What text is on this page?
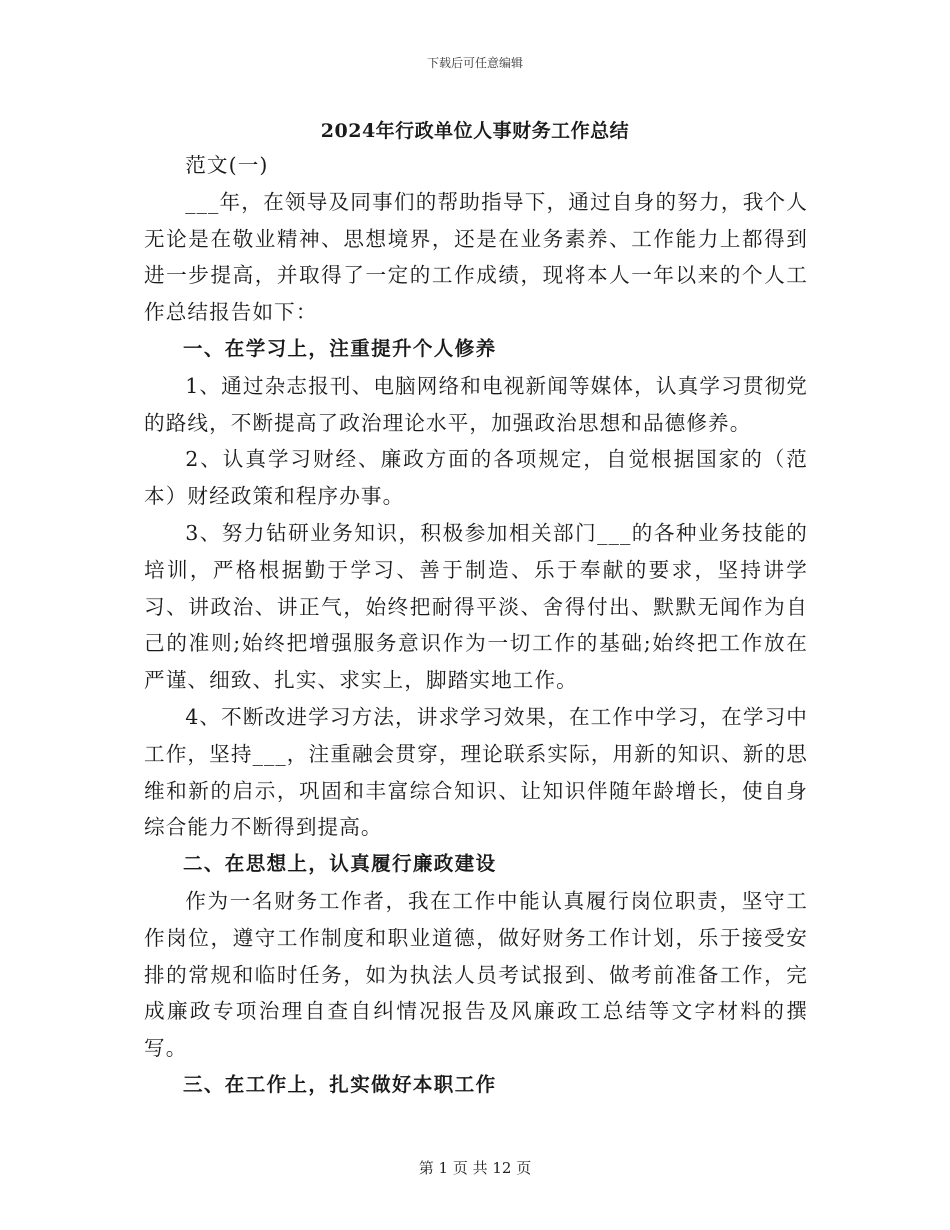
下载后可任意编辑
2024年行政单位人事财务工作总结

范文(一)

___年，在领导及同事们的帮助指导下，通过自身的努力，我个人无论是在敬业精神、思想境界，还是在业务素养、工作能力上都得到进一步提高，并取得了一定的工作成绩，现将本人一年以来的个人工作总结报告如下：

一、在学习上，注重提升个人修养

1、通过杂志报刊、电脑网络和电视新闻等媒体，认真学习贯彻党的路线，不断提高了政治理论水平，加强政治思想和品德修养。

2、认真学习财经、廉政方面的各项规定，自觉根据国家的（范本）财经政策和程序办事。

3、努力钻研业务知识，积极参加相关部门___的各种业务技能的培训，严格根据勤于学习、善于制造、乐于奉献的要求，坚持讲学习、讲政治、讲正气，始终把耐得平淡、舍得付出、默默无闻作为自己的准则;始终把增强服务意识作为一切工作的基础;始终把工作放在严谨、细致、扎实、求实上，脚踏实地工作。

4、不断改进学习方法，讲求学习效果，在工作中学习，在学习中工作，坚持___，注重融会贯穿，理论联系实际，用新的知识、新的思维和新的启示，巩固和丰富综合知识、让知识伴随年龄增长，使自身综合能力不断得到提高。

二、在思想上，认真履行廉政建设

作为一名财务工作者，我在工作中能认真履行岗位职责，坚守工作岗位，遵守工作制度和职业道德，做好财务工作计划，乐于接受安排的常规和临时任务，如为执法人员考试报到、做考前准备工作，完成廉政专项治理自查自纠情况报告及风廉政工总结等文字材料的撰写。

三、在工作上，扎实做好本职工作

第 1 页 共 12 页
